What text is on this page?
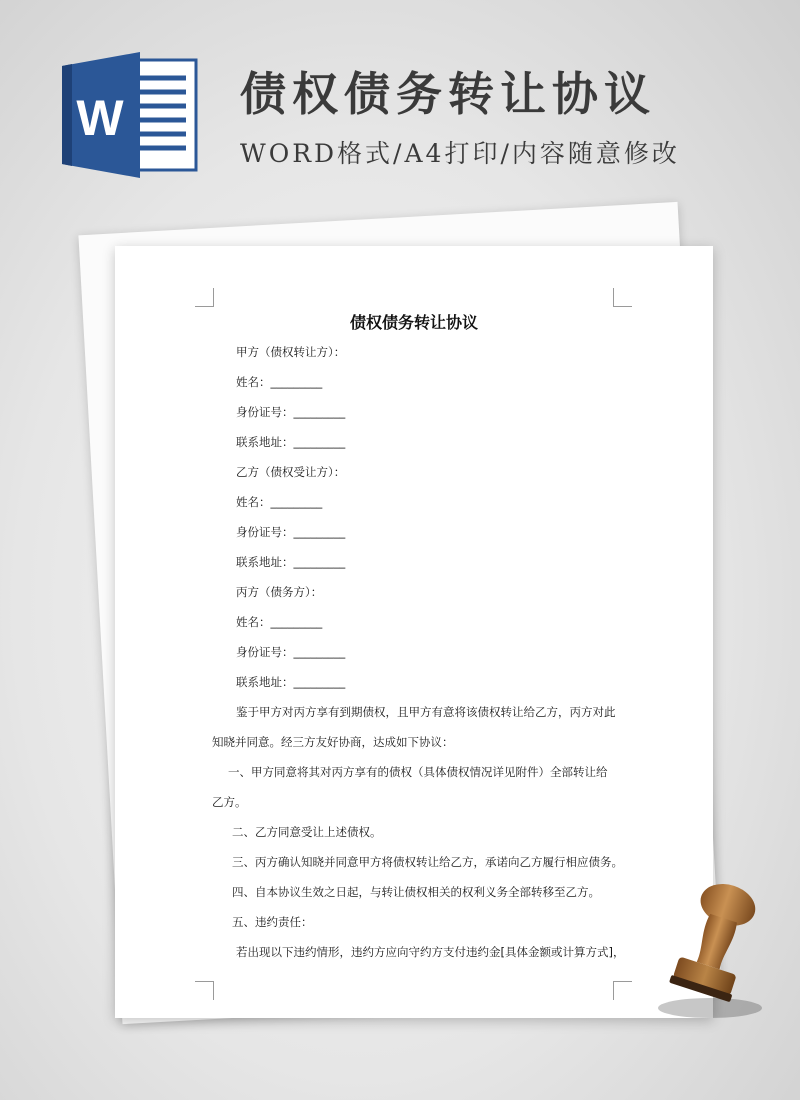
W	债权债务转让协议
WORD格式/A4打印/内容随意修改
债权债务转让协议
甲方（债权转让方）：
姓名：_________
身份证号：_________
联系地址：_________
乙方（债权受让方）：
姓名：_________
身份证号：_________
联系地址：_________
丙方（债务方）：
姓名：_________
身份证号：_________
联系地址：_________
鉴于甲方对丙方享有到期债权，且甲方有意将该债权转让给乙方，丙方对此
知晓并同意。经三方友好协商，达成如下协议：
一、甲方同意将其对丙方享有的债权（具体债权情况详见附件）全部转让给
乙方。
二、乙方同意受让上述债权。
三、丙方确认知晓并同意甲方将债权转让给乙方，承诺向乙方履行相应债务。
四、自本协议生效之日起，与转让债权相关的权利义务全部转移至乙方。
五、违约责任：
若出现以下违约情形，违约方应向守约方支付违约金[具体金额或计算方式]，
